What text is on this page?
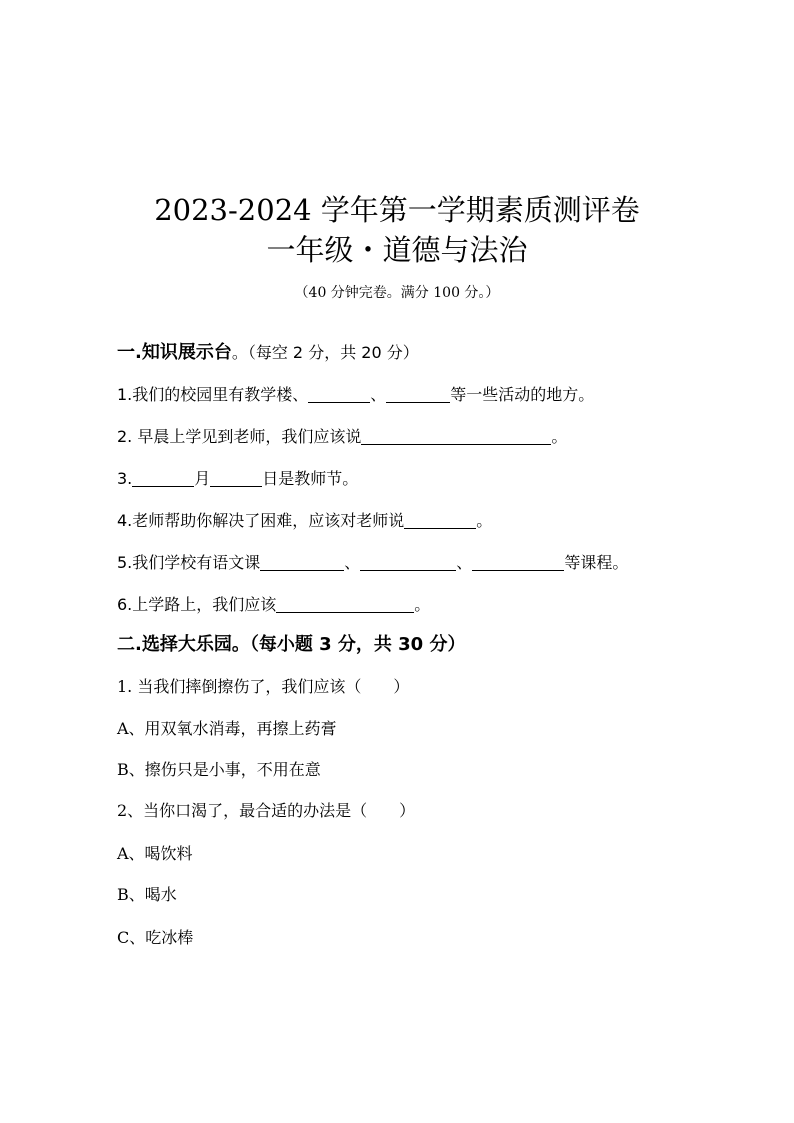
2023-2024 学年第一学期素质测评卷
一年级・道德与法治
（40 分钟完卷。满分 100 分。）
一.知识展示台。（每空 2 分，共 20 分）
1.我们的校园里有教学楼、	、	等一些活动的地方。
2. 早晨上学见到老师，我们应该说	。
3.	月	日是教师节。
4.老师帮助你解决了困难，应该对老师说	。
5.我们学校有语文课	、	、	等课程。
6.上学路上，我们应该	。
二.选择大乐园。（每小题 3 分，共 30 分）
1. 当我们摔倒擦伤了，我们应该（　　）
A、用双氧水消毒，再擦上药膏
B、擦伤只是小事，不用在意
2、当你口渴了，最合适的办法是（　　）
A、喝饮料
B、喝水
C、吃冰棒
